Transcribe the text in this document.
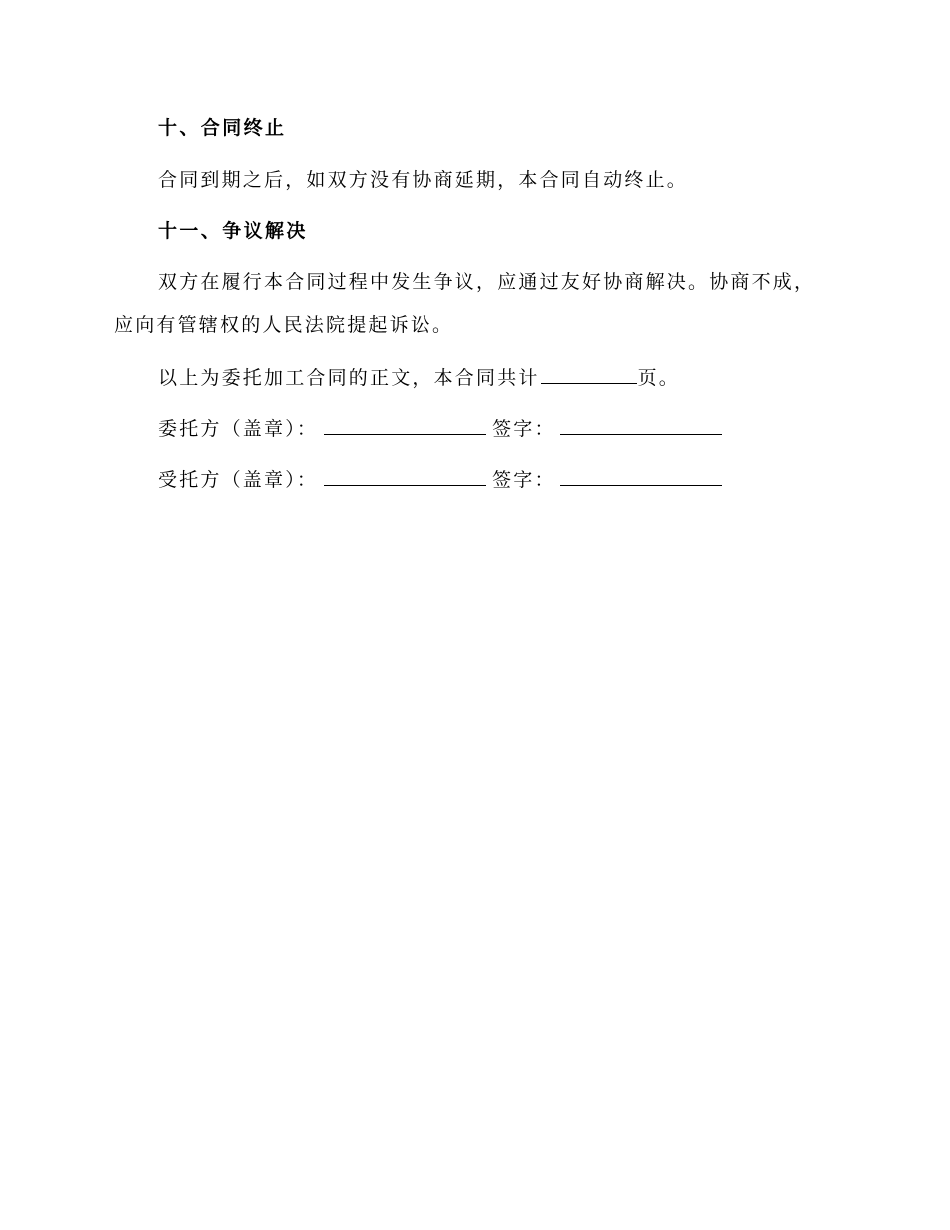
十、合同终止
合同到期之后，如双方没有协商延期，本合同自动终止。
十一、争议解决
双方在履行本合同过程中发生争议，应通过友好协商解决。协商不成，
应向有管辖权的人民法院提起诉讼。
以上为委托加工合同的正文，本合同共计	页。
委托方（盖章）：	签字：
受托方（盖章）：	签字：
